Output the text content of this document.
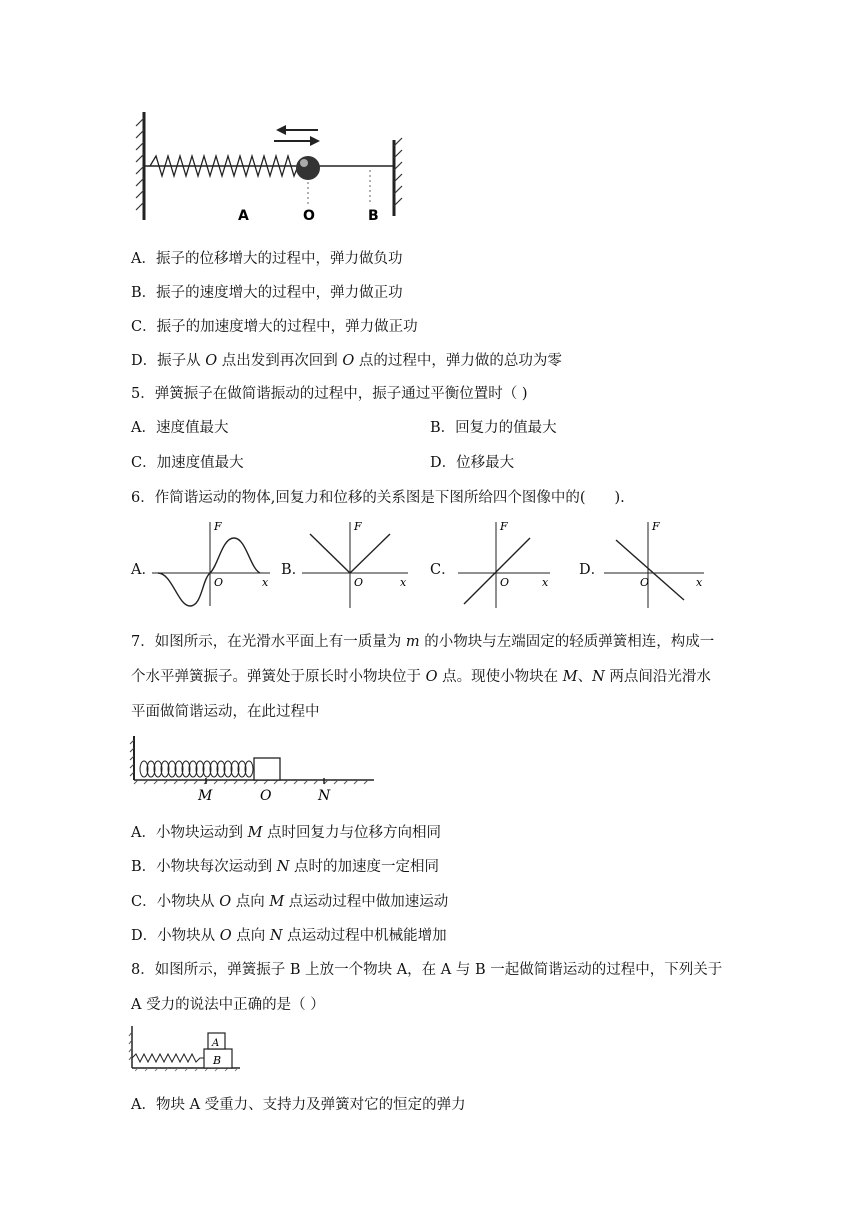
A	O	B
A．振子的位移增大的过程中，弹力做负功
B．振子的速度增大的过程中，弹力做正功
C．振子的加速度增大的过程中，弹力做正功
D．振子从 O 点出发到再次回到 O 点的过程中，弹力做的总功为零
5．弹簧振子在做简谐振动的过程中，振子通过平衡位置时（ )
A．速度值最大	B．回复力的值最大
C．加速度值最大	D．位移最大
6．作简谐运动的物体,回复力和位移的关系图是下图所给四个图像中的(　　).
A．
F
x
O
B．
F
x
O
C．
F
x
O
D．
F
x
O
7．如图所示，在光滑水平面上有一质量为 m 的小物块与左端固定的轻质弹簧相连，构成一
个水平弹簧振子。弹簧处于原长时小物块位于 O 点。现使小物块在 M、N 两点间沿光滑水
平面做简谐运动，在此过程中
M	O	N
A．小物块运动到 M 点时回复力与位移方向相同
B．小物块每次运动到 N 点时的加速度一定相同
C．小物块从 O 点向 M 点运动过程中做加速运动
D．小物块从 O 点向 N 点运动过程中机械能增加
8．如图所示，弹簧振子 B 上放一个物块 A，在 A 与 B 一起做简谐运动的过程中，下列关于
A 受力的说法中正确的是（ ）
A
B
A．物块 A 受重力、支持力及弹簧对它的恒定的弹力
